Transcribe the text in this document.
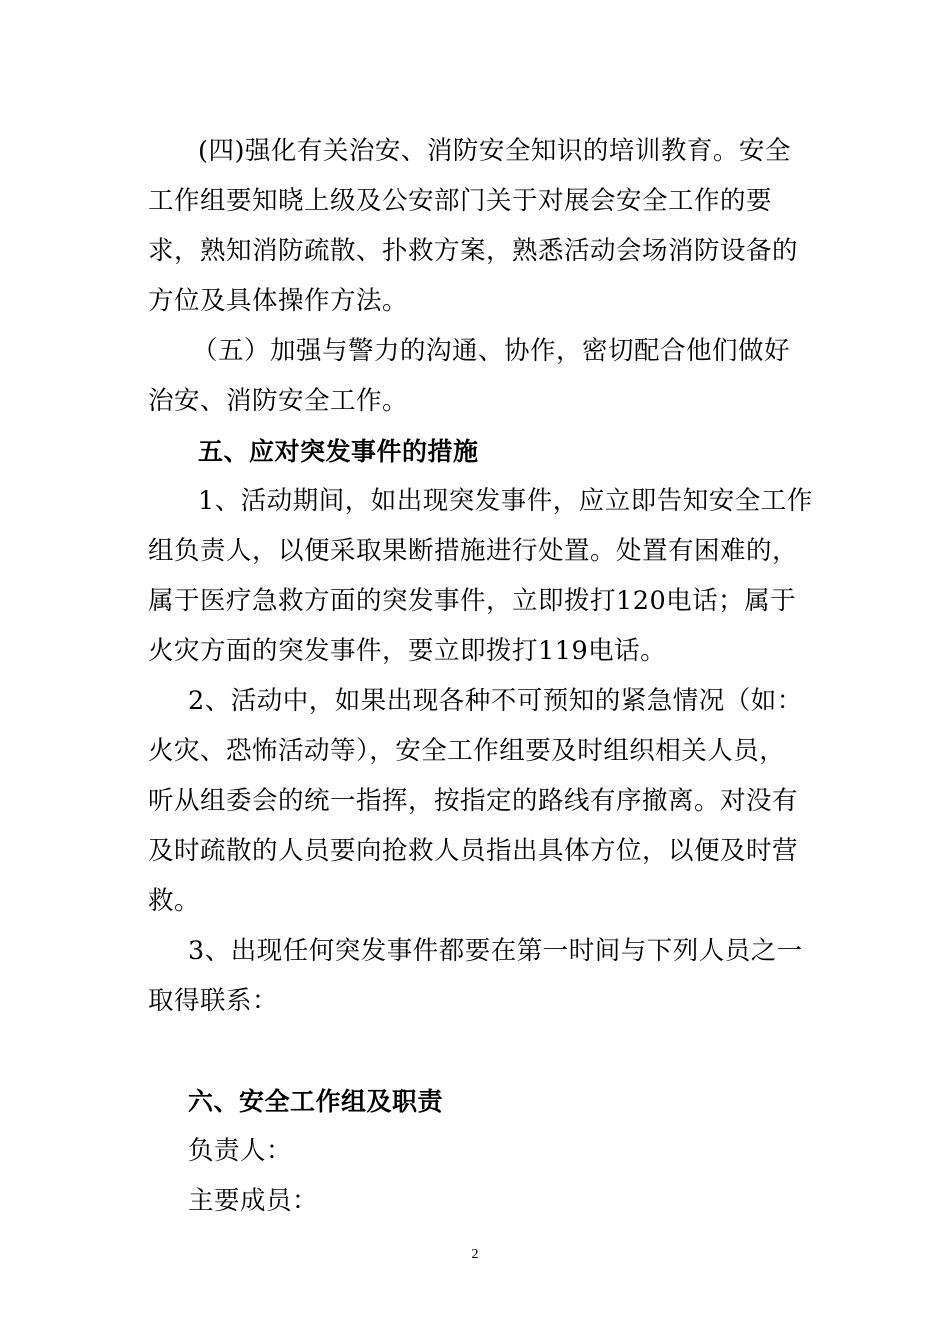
(四)强化有关治安、消防安全知识的培训教育。安全
工作组要知晓上级及公安部门关于对展会安全工作的要
求，熟知消防疏散、扑救方案，熟悉活动会场消防设备的
方位及具体操作方法。
（五）加强与警力的沟通、协作，密切配合他们做好
治安、消防安全工作。
五、应对突发事件的措施
1、活动期间，如出现突发事件，应立即告知安全工作
组负责人，以便采取果断措施进行处置。处置有困难的，
属于医疗急救方面的突发事件，立即拨打120电话；属于
火灾方面的突发事件，要立即拨打119电话。
2、活动中，如果出现各种不可预知的紧急情况（如：
火灾、恐怖活动等），安全工作组要及时组织相关人员，
听从组委会的统一指挥，按指定的路线有序撤离。对没有
及时疏散的人员要向抢救人员指出具体方位，以便及时营
救。
3、出现任何突发事件都要在第一时间与下列人员之一
取得联系：
六、安全工作组及职责
负责人：
主要成员：
2
